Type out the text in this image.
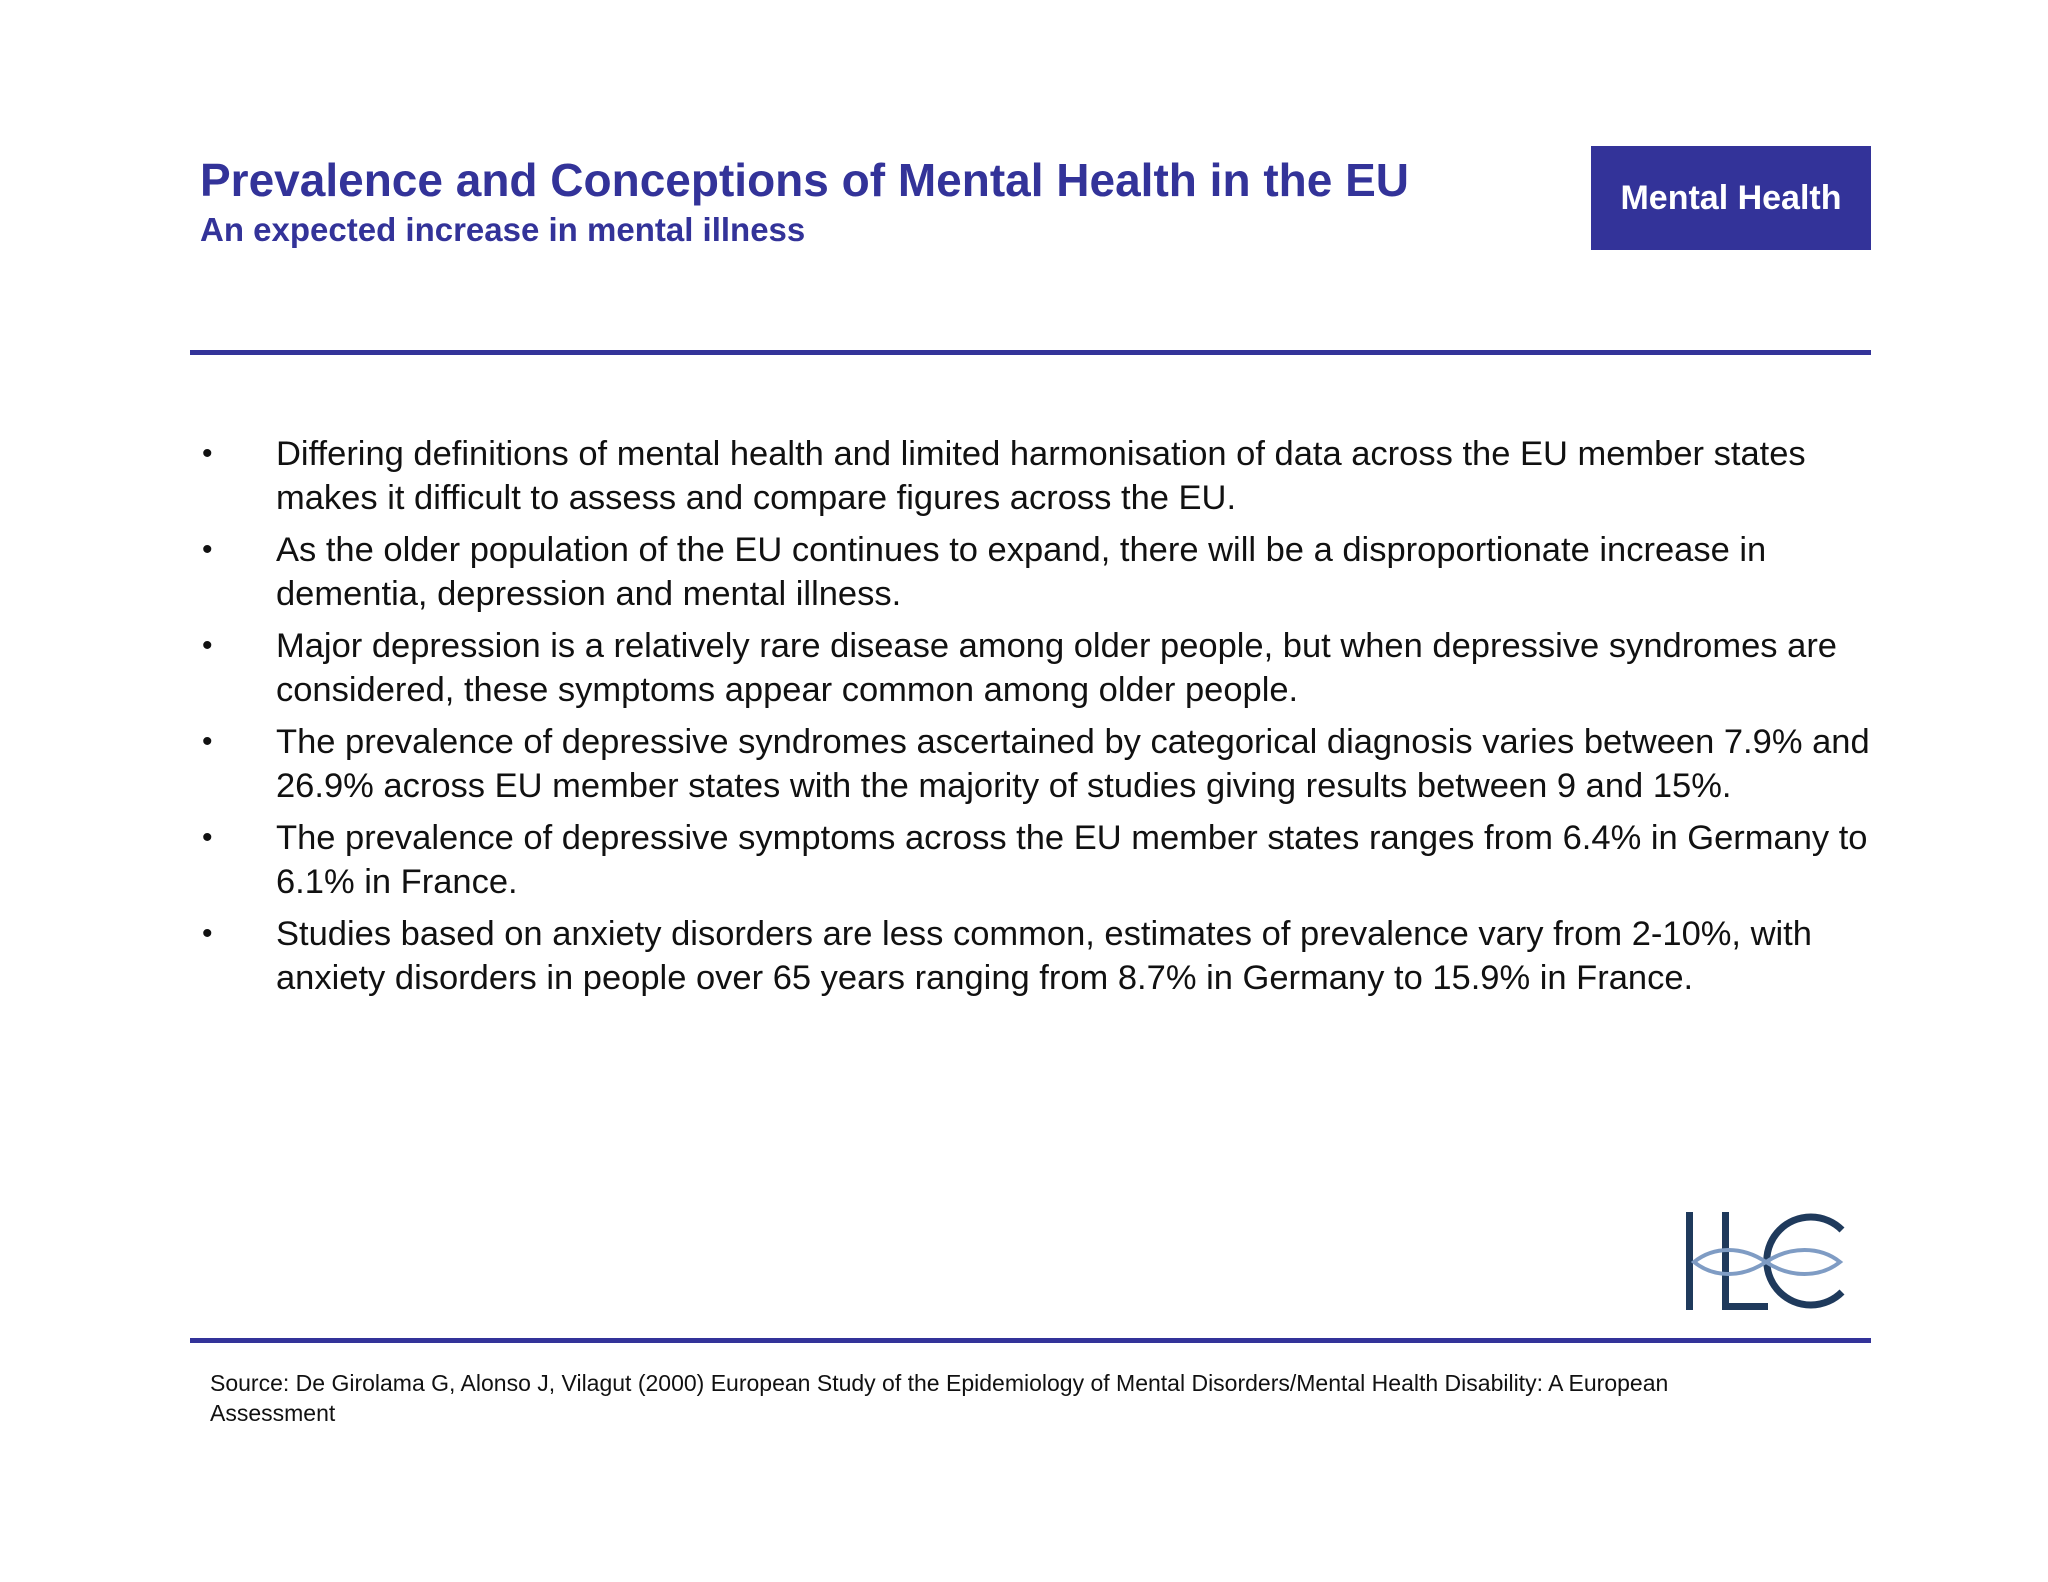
Prevalence and Conceptions of Mental Health in the EU
An expected increase in mental illness
Mental Health
• Differing definitions of mental health and limited harmonisation of data across the EU member states makes it difficult to assess and compare figures across the EU.
• As the older population of the EU continues to expand, there will be a disproportionate increase in dementia, depression and mental illness.
• Major depression is a relatively rare disease among older people, but when depressive syndromes are considered, these symptoms appear common among older people.
• The prevalence of depressive syndromes ascertained by categorical diagnosis varies between 7.9% and 26.9% across EU member states with the majority of studies giving results between 9 and 15%.
• The prevalence of depressive symptoms across the EU member states ranges from 6.4% in Germany to 6.1% in France.
• Studies based on anxiety disorders are less common, estimates of prevalence vary from 2-10%, with anxiety disorders in people over 65 years ranging from 8.7% in Germany to 15.9% in France.
Source: De Girolama G, Alonso J, Vilagut (2000) European Study of the Epidemiology of Mental Disorders/Mental Health Disability: A European Assessment
